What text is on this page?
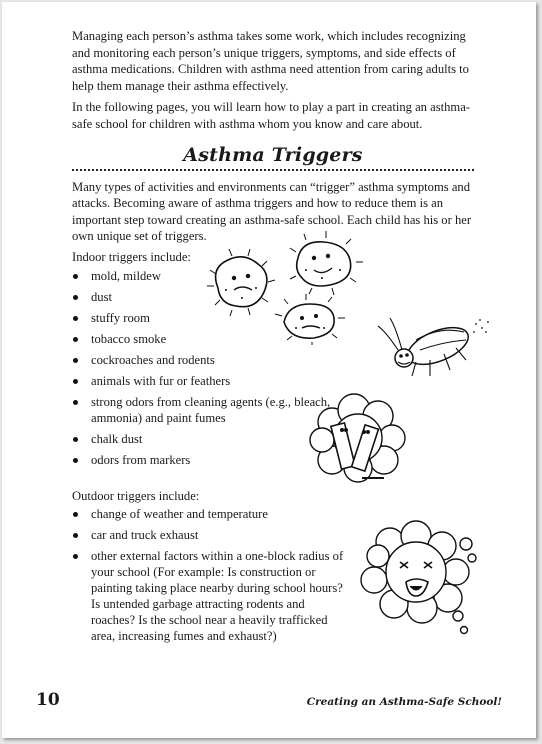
Managing each person’s asthma takes some work, which includes recognizing and monitoring each person’s unique triggers, symptoms, and side effects of asthma medications. Children with asthma need attention from caring adults to help them manage their asthma effectively.

In the following pages, you will learn how to play a part in creating an asthma-safe school for children with asthma whom you know and care about.

Asthma Triggers

Many types of activities and environments can “trigger” asthma symptoms and attacks. Becoming aware of asthma triggers and how to reduce them is an important step toward creating an asthma-safe school. Each child has his or her own unique set of triggers.

Indoor triggers include:

mold, mildew
dust
stuffy room
tobacco smoke
cockroaches and rodents
animals with fur or feathers
strong odors from cleaning agents (e.g., bleach, ammonia) and paint fumes
chalk dust
odors from markers

Outdoor triggers include:

change of weather and temperature
car and truck exhaust
other external factors within a one-block radius of your school (For example: Is construction or painting taking place nearby during school hours? Is untended garbage attracting rodents and roaches? Is the school near a heavily trafficked area, increasing fumes and exhaust?)
10	Creating an Asthma-Safe School!
